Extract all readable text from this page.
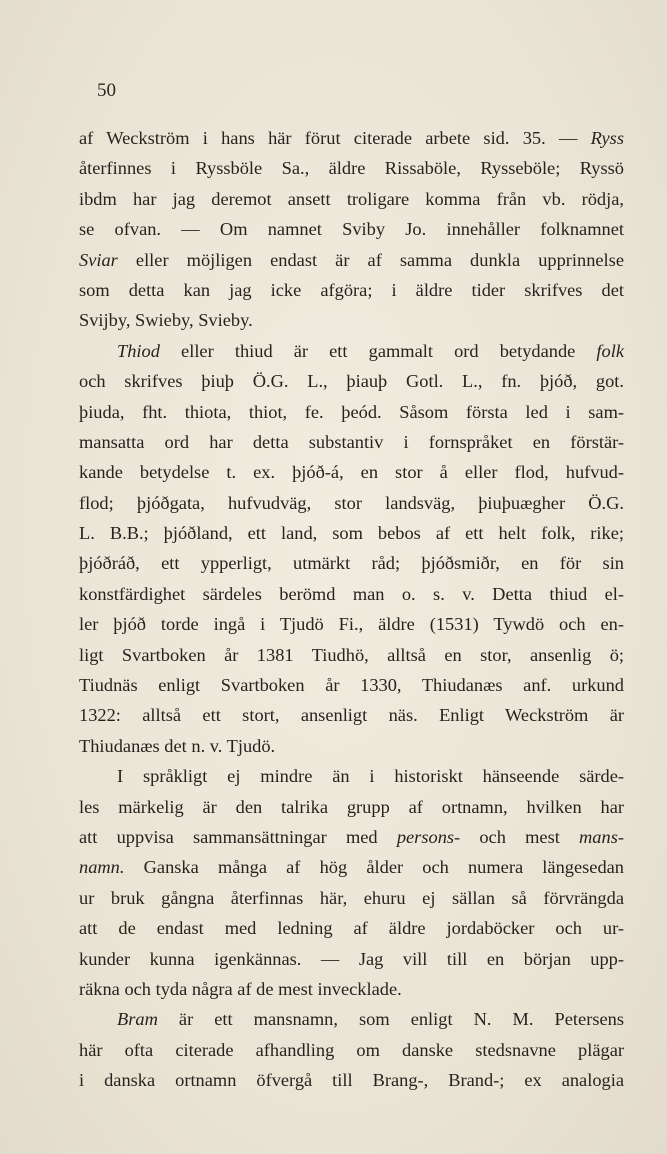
50
af Weckström i hans här förut citerade arbete sid. 35. — Ryss
återfinnes i Ryssböle Sa., äldre Rissaböle, Rysseböle; Ryssö
ibdm har jag deremot ansett troligare komma från vb. rödja,
se ofvan. — Om namnet Sviby Jo. innehåller folknamnet
Sviar eller möjligen endast är af samma dunkla upprinnelse
som detta kan jag icke afgöra; i äldre tider skrifves det
Svijby, Swieby, Svieby.
Thiod eller thiud är ett gammalt ord betydande folk
och skrifves þiuþ Ö.G. L., þiauþ Gotl. L., fn. þjóð, got.
þiuda, fht. thiota, thiot, fe. þeód. Såsom första led i sam-
mansatta ord har detta substantiv i fornspråket en förstär-
kande betydelse t. ex. þjóð-á, en stor å eller flod, hufvud-
flod; þjóðgata, hufvudväg, stor landsväg, þiuþuægher Ö.G.
L. B.B.; þjóðland, ett land, som bebos af ett helt folk, rike;
þjóðráð, ett ypperligt, utmärkt råd; þjóðsmiðr, en för sin
konstfärdighet särdeles berömd man o. s. v. Detta thiud el-
ler þjóð torde ingå i Tjudö Fi., äldre (1531) Tywdö och en-
ligt Svartboken år 1381 Tiudhö, alltså en stor, ansenlig ö;
Tiudnäs enligt Svartboken år 1330, Thiudanæs anf. urkund
1322: alltså ett stort, ansenligt näs. Enligt Weckström är
Thiudanæs det n. v. Tjudö.
I språkligt ej mindre än i historiskt hänseende särde-
les märkelig är den talrika grupp af ortnamn, hvilken har
att uppvisa sammansättningar med persons- och mest mans-
namn. Ganska många af hög ålder och numera längesedan
ur bruk gångna återfinnas här, ehuru ej sällan så förvrängda
att de endast med ledning af äldre jordaböcker och ur-
kunder kunna igenkännas. — Jag vill till en början upp-
räkna och tyda några af de mest invecklade.
Bram är ett mansnamn, som enligt N. M. Petersens
här ofta citerade afhandling om danske stedsnavne plägar
i danska ortnamn öfvergå till Brang-, Brand-; ex analogia
